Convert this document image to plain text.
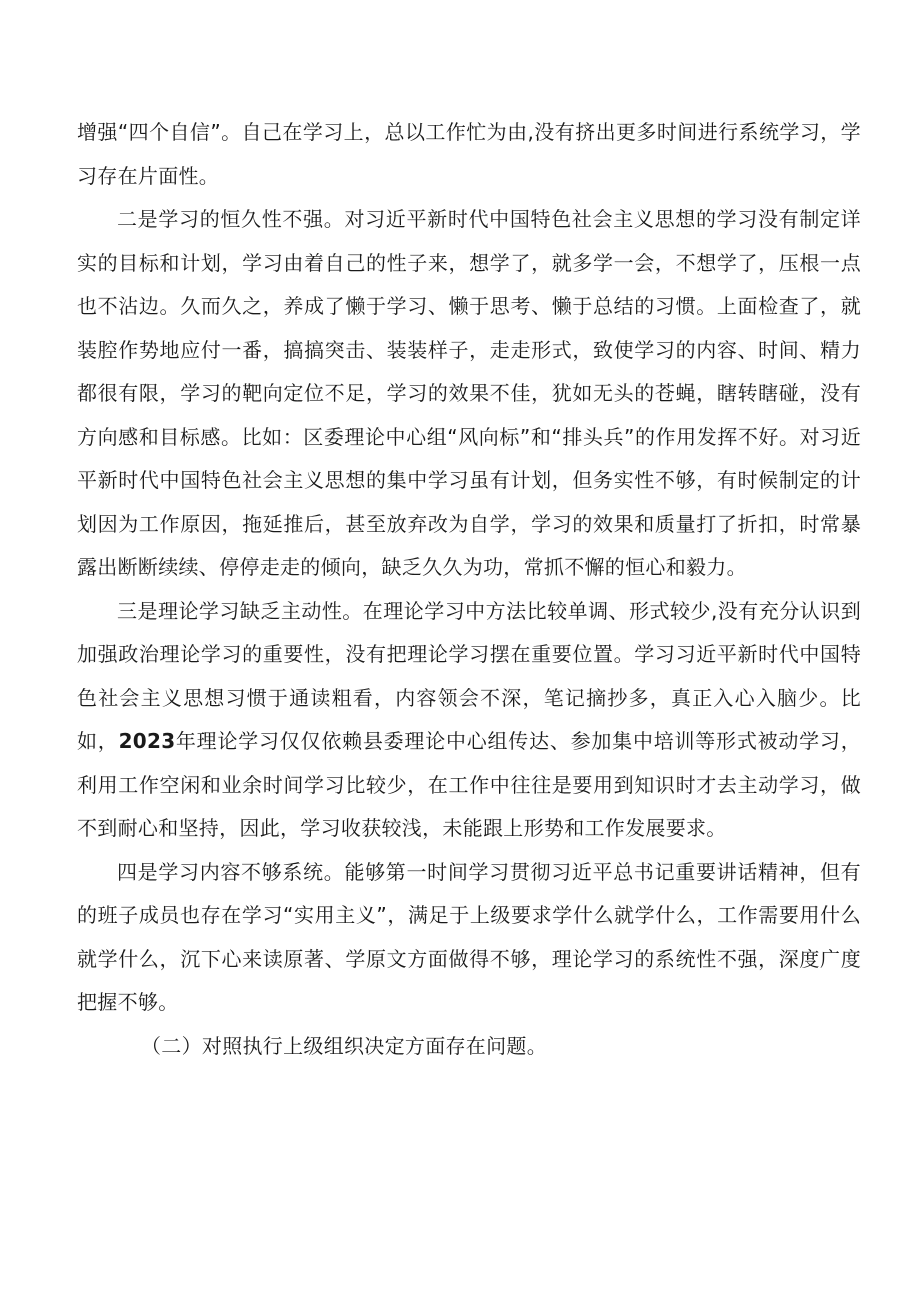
增强“四个自信”。自己在学习上，总以工作忙为由,没有挤出更多时间进行系统学习，学习存在片面性。

二是学习的恒久性不强。对习近平新时代中国特色社会主义思想的学习没有制定详实的目标和计划，学习由着自己的性子来，想学了，就多学一会，不想学了，压根一点也不沾边。久而久之，养成了懒于学习、懒于思考、懒于总结的习惯。上面检查了，就装腔作势地应付一番，搞搞突击、装装样子，走走形式，致使学习的内容、时间、精力都很有限，学习的靶向定位不足，学习的效果不佳，犹如无头的苍蝇，瞎转瞎碰，没有方向感和目标感。比如：区委理论中心组“风向标”和“排头兵”的作用发挥不好。对习近平新时代中国特色社会主义思想的集中学习虽有计划，但务实性不够，有时候制定的计划因为工作原因，拖延推后，甚至放弃改为自学，学习的效果和质量打了折扣，时常暴露出断断续续、停停走走的倾向，缺乏久久为功，常抓不懈的恒心和毅力。

三是理论学习缺乏主动性。在理论学习中方法比较单调、形式较少,没有充分认识到加强政治理论学习的重要性，没有把理论学习摆在重要位置。学习习近平新时代中国特色社会主义思想习惯于通读粗看，内容领会不深，笔记摘抄多，真正入心入脑少。比如，2023年理论学习仅仅依赖县委理论中心组传达、参加集中培训等形式被动学习，利用工作空闲和业余时间学习比较少，在工作中往往是要用到知识时才去主动学习，做不到耐心和坚持，因此，学习收获较浅，未能跟上形势和工作发展要求。

四是学习内容不够系统。能够第一时间学习贯彻习近平总书记重要讲话精神，但有的班子成员也存在学习“实用主义”，满足于上级要求学什么就学什么，工作需要用什么就学什么，沉下心来读原著、学原文方面做得不够，理论学习的系统性不强，深度广度把握不够。

（二）对照执行上级组织决定方面存在问题。
